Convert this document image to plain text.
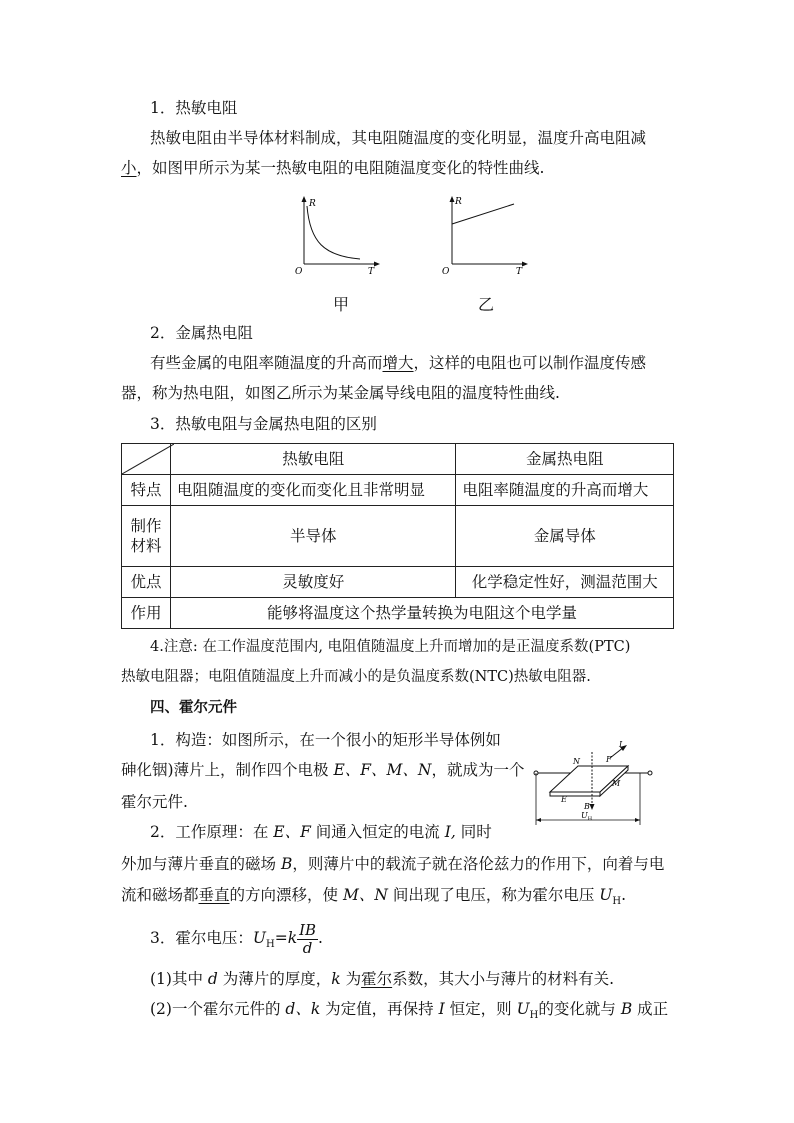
1．热敏电阻
热敏电阻由半导体材料制成，其电阻随温度的变化明显，温度升高电阻减
小，如图甲所示为某一热敏电阻的电阻随温度变化的特性曲线.
R
O	T
甲
R
O	T
乙
2．金属热电阻
有些金属的电阻率随温度的升高而增大，这样的电阻也可以制作温度传感
器，称为热电阻，如图乙所示为某金属导线电阻的温度特性曲线.
3．热敏电阻与金属热电阻的区别
	热敏电阻	金属热电阻
特点	电阻随温度的变化而变化且非常明显	电阻率随温度的升高而增大
制作
材料	半导体	金属导体
优点	灵敏度好	化学稳定性好，测温范围大
作用	能够将温度这个热学量转换为电阻这个电学量	
4.注意: 在工作温度范围内, 电阻值随温度上升而增加的是正温度系数(PTC)
热敏电阻器；电阻值随温度上升而减小的是负温度系数(NTC)热敏电阻器.
四、霍尔元件
1．构造：如图所示，在一个很小的矩形半导体例如
砷化铟)薄片上，制作四个电极 E、F、M、N，就成为一个
霍尔元件.
I
F
N
M
E
B
$U_H$
2．工作原理：在 E、F 间通入恒定的电流 I, 同时
外加与薄片垂直的磁场 B，则薄片中的载流子就在洛伦兹力的作用下，向着与电
流和磁场都垂直的方向漂移，使 M、N 间出现了电压，称为霍尔电压 $U_H$.
3．霍尔电压：$U_H=k \frac{IB}{d}$ .
(1)其中 d 为薄片的厚度，k 为霍尔系数，其大小与薄片的材料有关.
(2)一个霍尔元件的 d、k 为定值，再保持 I 恒定，则 $U_H$的变化就与 B 成正
